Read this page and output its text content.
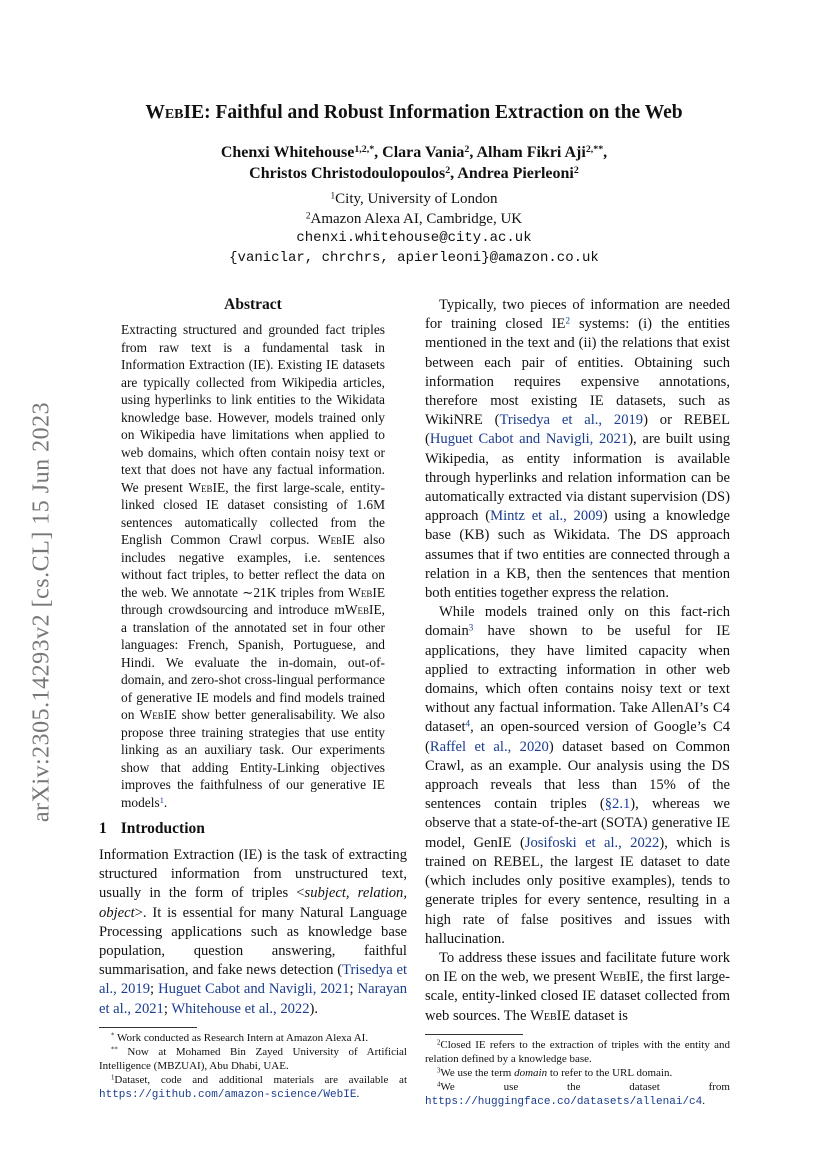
arXiv:2305.14293v2 [cs.CL] 15 Jun 2023
WebIE: Faithful and Robust Information Extraction on the Web
Chenxi Whitehouse$^{1,2,*}$, Clara Vania$^2$, Alham Fikri Aji$^{2,**}$,
Christos Christodoulopoulos$^2$, Andrea Pierleoni$^2$
$^1$City, University of London
$^2$Amazon Alexa AI, Cambridge, UK
chenxi.whitehouse@city.ac.uk
{vaniclar, chrchrs, apierleoni}@amazon.co.uk
Abstract
Extracting structured and grounded fact triples from raw text is a fundamental task in Information Extraction (IE). Existing IE datasets are typically collected from Wikipedia articles, using hyperlinks to link entities to the Wikidata knowledge base. However, models trained only on Wikipedia have limitations when applied to web domains, which often contain noisy text or text that does not have any factual information. We present WebIE, the first large-scale, entity-linked closed IE dataset consisting of 1.6M sentences automatically collected from the English Common Crawl corpus. WebIE also includes negative examples, i.e. sentences without fact triples, to better reflect the data on the web. We annotate ∼21K triples from WebIE through crowdsourcing and introduce mWebIE, a translation of the annotated set in four other languages: French, Spanish, Portuguese, and Hindi. We evaluate the in-domain, out-of-domain, and zero-shot cross-lingual performance of generative IE models and find models trained on WebIE show better generalisability. We also propose three training strategies that use entity linking as an auxiliary task. Our experiments show that adding Entity-Linking objectives improves the faithfulness of our generative IE models$^1$.
1 Introduction

Information Extraction (IE) is the task of extracting structured information from unstructured text, usually in the form of triples <subject, relation, object>. It is essential for many Natural Language Processing applications such as knowledge base population, question answering, faithful summarisation, and fake news detection (Trisedya et al., 2019; Huguet Cabot and Navigli, 2021; Narayan et al., 2021; Whitehouse et al., 2022).

* Work conducted as Research Intern at Amazon Alexa AI.
** Now at Mohamed Bin Zayed University of Artificial Intelligence (MBZUAI), Abu Dhabi, UAE.
$^1$Dataset, code and additional materials are available at https://github.com/amazon-science/WebIE.

Typically, two pieces of information are needed for training closed $IE^2$ systems: (i) the entities mentioned in the text and (ii) the relations that exist between each pair of entities. Obtaining such information requires expensive annotations, therefore most existing IE datasets, such as WikiNRE (Trisedya et al., 2019) or REBEL (Huguet Cabot and Navigli, 2021), are built using Wikipedia, as entity information is available through hyperlinks and relation information can be automatically extracted via distant supervision (DS) approach (Mintz et al., 2009) using a knowledge base (KB) such as Wikidata. The DS approach assumes that if two entities are connected through a relation in a KB, then the sentences that mention both entities together express the relation.

While models trained only on this fact-rich domain$^3$ have shown to be useful for IE applications, they have limited capacity when applied to extracting information in other web domains, which often contains noisy text or text without any factual information. Take AllenAI’s C4 dataset$^4$, an open-sourced version of Google’s C4 (Raffel et al., 2020) dataset based on Common Crawl, as an example. Our analysis using the DS approach reveals that less than 15% of the sentences contain triples (§2.1), whereas we observe that a state-of-the-art (SOTA) generative IE model, GenIE (Josifoski et al., 2022), which is trained on REBEL, the largest IE dataset to date (which includes only positive examples), tends to generate triples for every sentence, resulting in a high rate of false positives and issues with hallucination.

To address these issues and facilitate future work on IE on the web, we present WebIE, the first large-scale, entity-linked closed IE dataset collected from web sources. The WebIE dataset is

$^2$Closed IE refers to the extraction of triples with the entity and relation defined by a knowledge base.
$^3$We use the term domain to refer to the URL domain.
$^4$We use the dataset from https://huggingface.co/datasets/allenai/c4.
